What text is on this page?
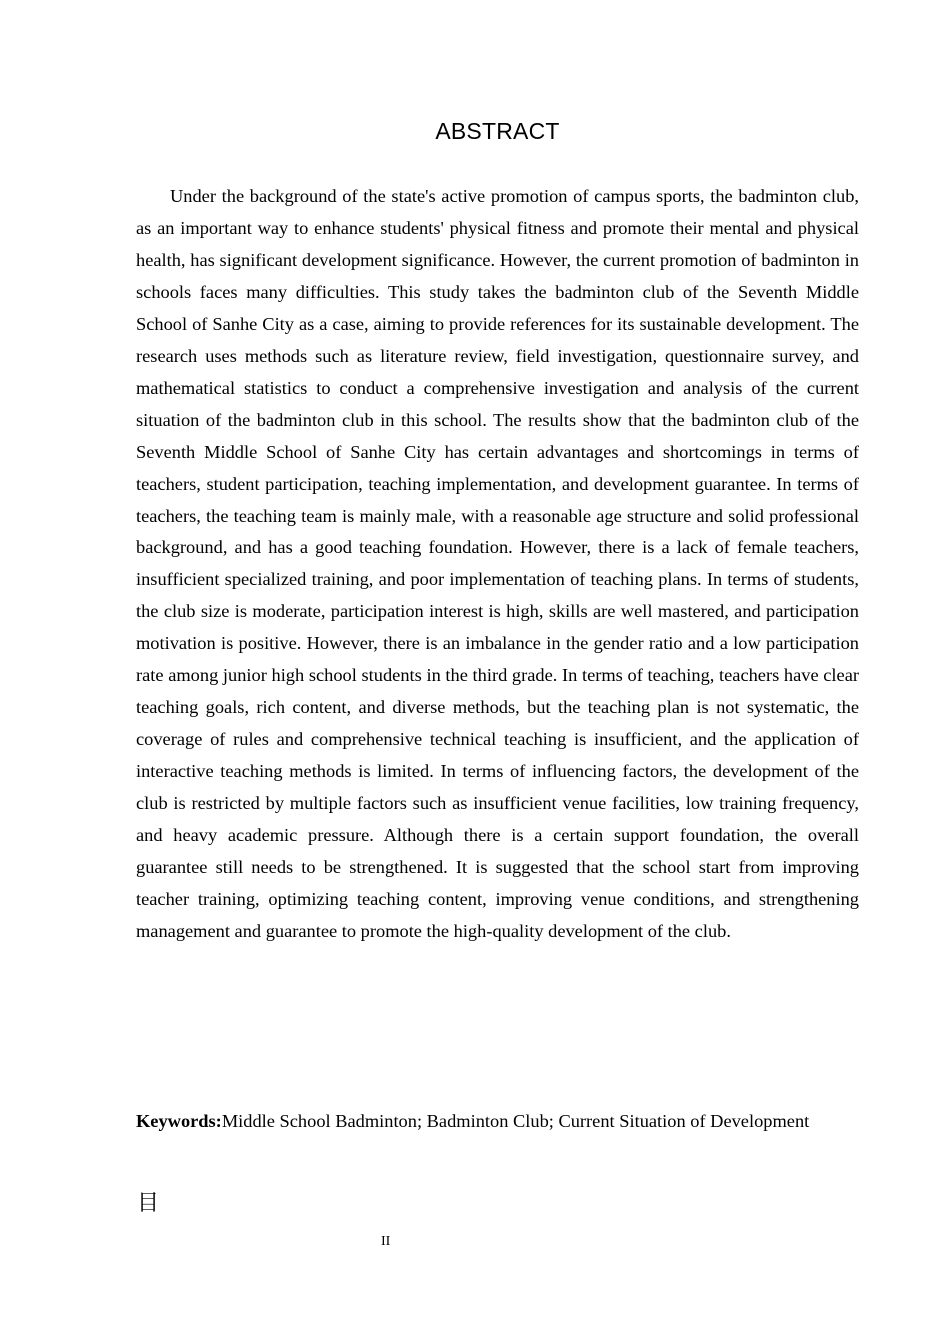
ABSTRACT

Under the background of the state's active promotion of campus sports, the badminton club, as an important way to enhance students' physical fitness and promote their mental and physical health, has significant development significance. However, the current promotion of badminton in schools faces many difficulties. This study takes the badminton club of the Seventh Middle School of Sanhe City as a case, aiming to provide references for its sustainable development. The research uses methods such as literature review, field investigation, questionnaire survey, and mathematical statistics to conduct a comprehensive investigation and analysis of the current situation of the badminton club in this school. The results show that the badminton club of the Seventh Middle School of Sanhe City has certain advantages and shortcomings in terms of teachers, student participation, teaching implementation, and development guarantee. In terms of teachers, the teaching team is mainly male, with a reasonable age structure and solid professional background, and has a good teaching foundation. However, there is a lack of female teachers, insufficient specialized training, and poor implementation of teaching plans. In terms of students, the club size is moderate, participation interest is high, skills are well mastered, and participation motivation is positive. However, there is an imbalance in the gender ratio and a low participation rate among junior high school students in the third grade. In terms of teaching, teachers have clear teaching goals, rich content, and diverse methods, but the teaching plan is not systematic, the coverage of rules and comprehensive technical teaching is insufficient, and the application of interactive teaching methods is limited. In terms of influencing factors, the development of the club is restricted by multiple factors such as insufficient venue facilities, low training frequency, and heavy academic pressure. Although there is a certain support foundation, the overall guarantee still needs to be strengthened. It is suggested that the school start from improving teacher training, optimizing teaching content, improving venue conditions, and strengthening management and guarantee to promote the high-quality development of the club.

Keywords:Middle School Badminton; Badminton Club; Current Situation of Development

目
II
